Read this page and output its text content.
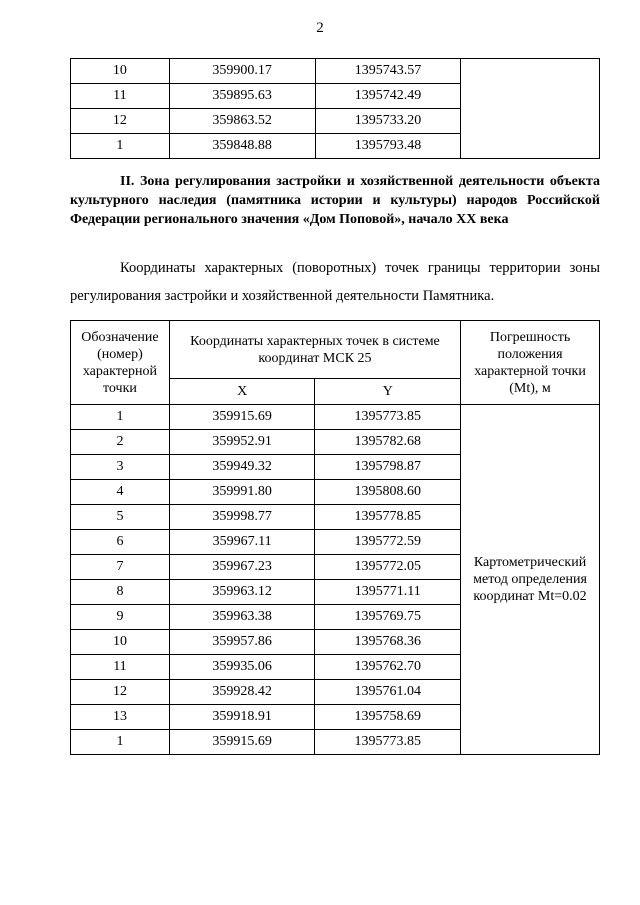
2
10	359900.17	1395743.57	
11	359895.63	1395742.49	
12	359863.52	1395733.20	
1	359848.88	1395793.48	
II. Зона регулирования застройки и хозяйственной деятельности объекта культурного наследия (памятника истории и культуры) народов Российской Федерации регионального значения «Дом Поповой», начало XX века
Координаты характерных (поворотных) точек границы территории зоны регулирования застройки и хозяйственной деятельности Памятника.
Обозначение (номер) характерной точки	Координаты характерных точек в системе координат МСК 25		Погрешность положения характерной точки (Mt), м
	X	Y	
1	359915.69	1395773.85	Картометрический метод определения координат Mt=0.02
2	359952.91	1395782.68	
3	359949.32	1395798.87	
4	359991.80	1395808.60	
5	359998.77	1395778.85	
6	359967.11	1395772.59	
7	359967.23	1395772.05	
8	359963.12	1395771.11	
9	359963.38	1395769.75	
10	359957.86	1395768.36	
11	359935.06	1395762.70	
12	359928.42	1395761.04	
13	359918.91	1395758.69	
1	359915.69	1395773.85	
